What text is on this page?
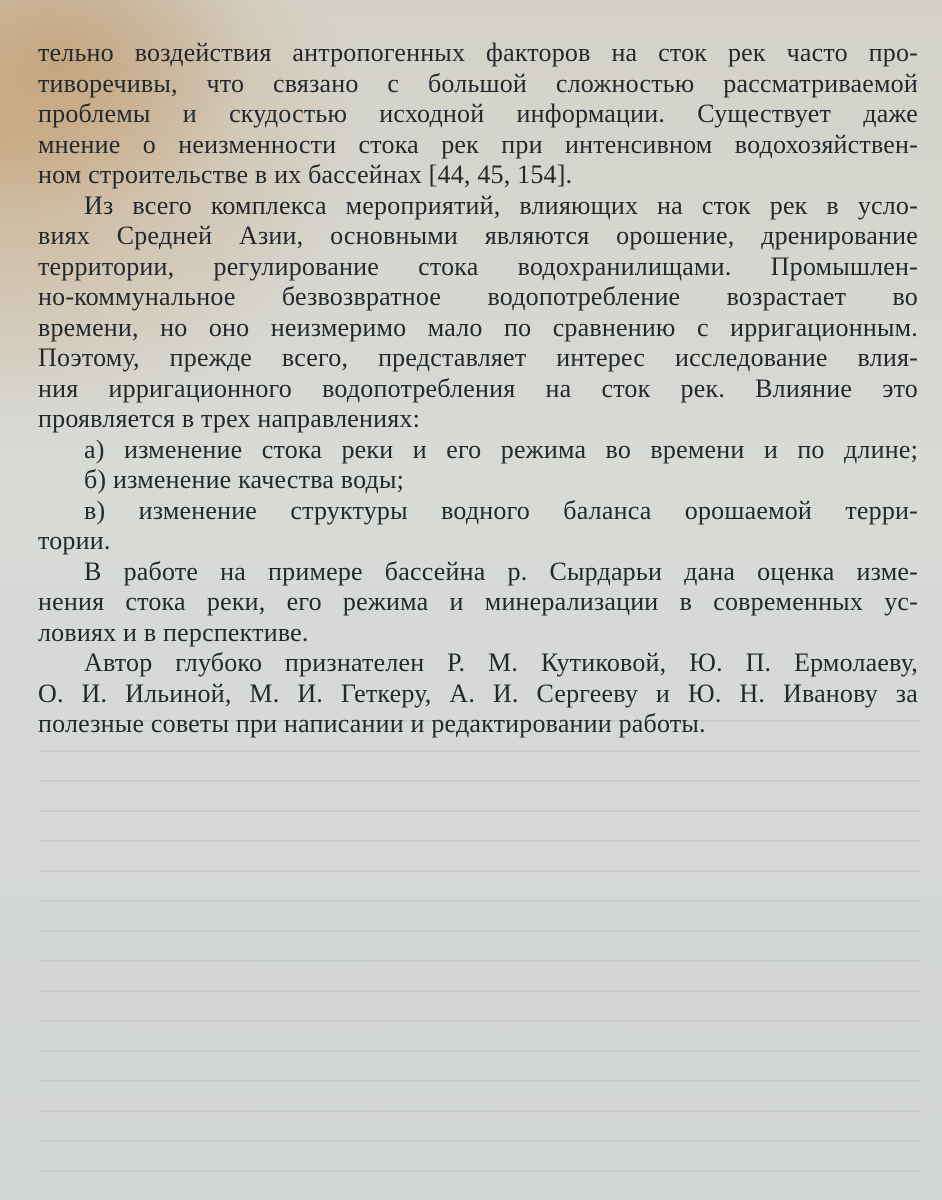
тельно воздействия антропогенных факторов на сток рек часто про-
тиворечивы, что связано с большой сложностью рассматриваемой
проблемы и скудостью исходной информации. Существует даже
мнение о неизменности стока рек при интенсивном водохозяйствен-
ном строительстве в их бассейнах [44, 45, 154].
Из всего комплекса мероприятий, влияющих на сток рек в усло-
виях Средней Азии, основными являются орошение, дренирование
территории, регулирование стока водохранилищами. Промышлен-
но-коммунальное безвозвратное водопотребление возрастает во
времени, но оно неизмеримо мало по сравнению с ирригационным.
Поэтому, прежде всего, представляет интерес исследование влия-
ния ирригационного водопотребления на сток рек. Влияние это
проявляется в трех направлениях:
а) изменение стока реки и его режима во времени и по длине;
б) изменение качества воды;
в) изменение структуры водного баланса орошаемой терри-
тории.
В работе на примере бассейна р. Сырдарьи дана оценка изме-
нения стока реки, его режима и минерализации в современных ус-
ловиях и в перспективе.
Автор глубоко признателен Р. М. Кутиковой, Ю. П. Ермолаеву,
О. И. Ильиной, М. И. Геткеру, А. И. Сергееву и Ю. Н. Иванову за
полезные советы при написании и редактировании работы.
